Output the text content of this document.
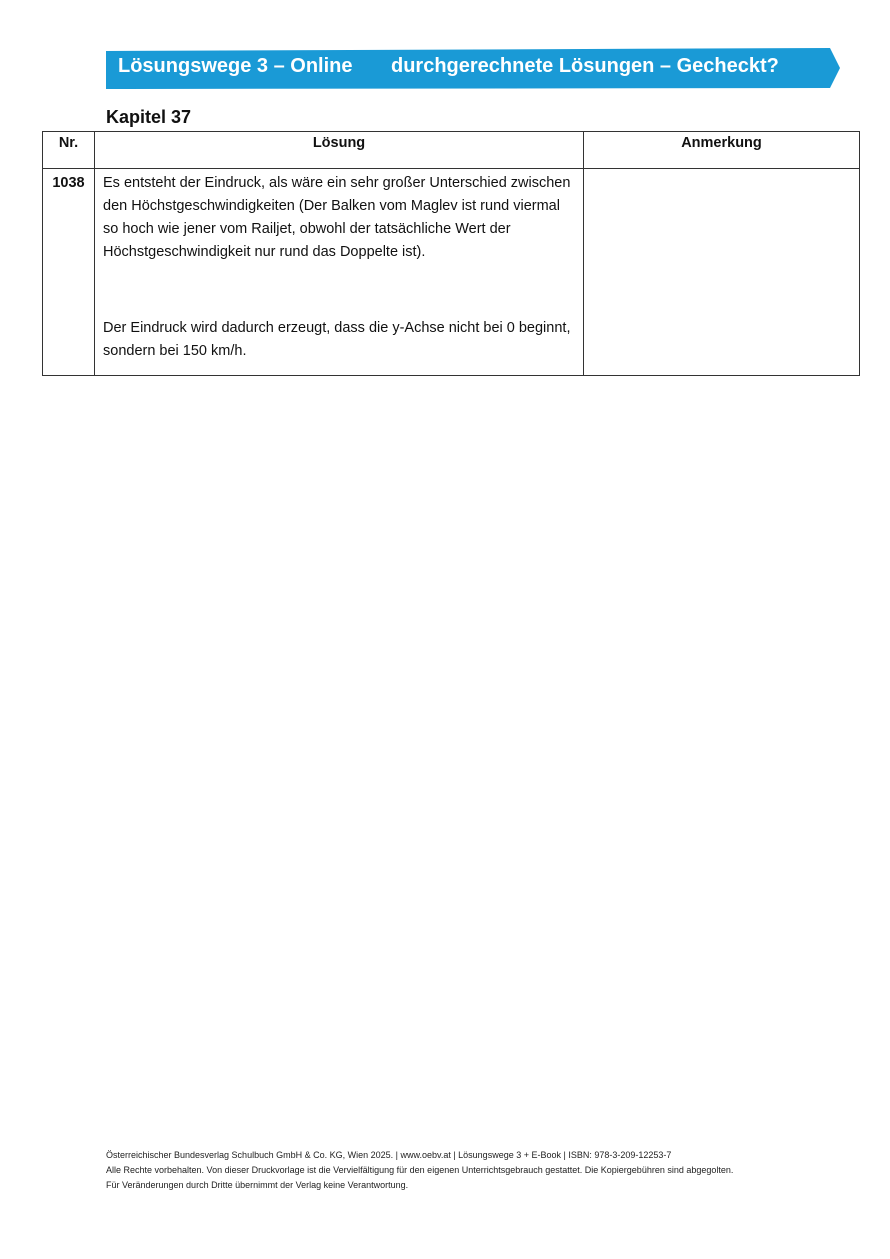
Lösungswege 3 – Online durchgerechnete Lösungen – Gecheckt?
Kapitel 37
Nr.	Lösung	Anmerkung
1038	Es entsteht der Eindruck, als wäre ein sehr großer Unterschied zwischen den Höchstgeschwindigkeiten (Der Balken vom Maglev ist rund viermal so hoch wie jener vom Railjet, obwohl der tatsächliche Wert der Höchstgeschwindigkeit nur rund das Doppelte ist).

Der Eindruck wird dadurch erzeugt, dass die y-Achse nicht bei 0 beginnt, sondern bei 150 km/h.	

Österreichischer Bundesverlag Schulbuch GmbH & Co. KG, Wien 2025. | www.oebv.at | Lösungswege 3 + E-Book | ISBN: 978-3-209-12253-7
Alle Rechte vorbehalten. Von dieser Druckvorlage ist die Vervielfältigung für den eigenen Unterrichtsgebrauch gestattet. Die Kopiergebühren sind abgegolten.
Für Veränderungen durch Dritte übernimmt der Verlag keine Verantwortung.
